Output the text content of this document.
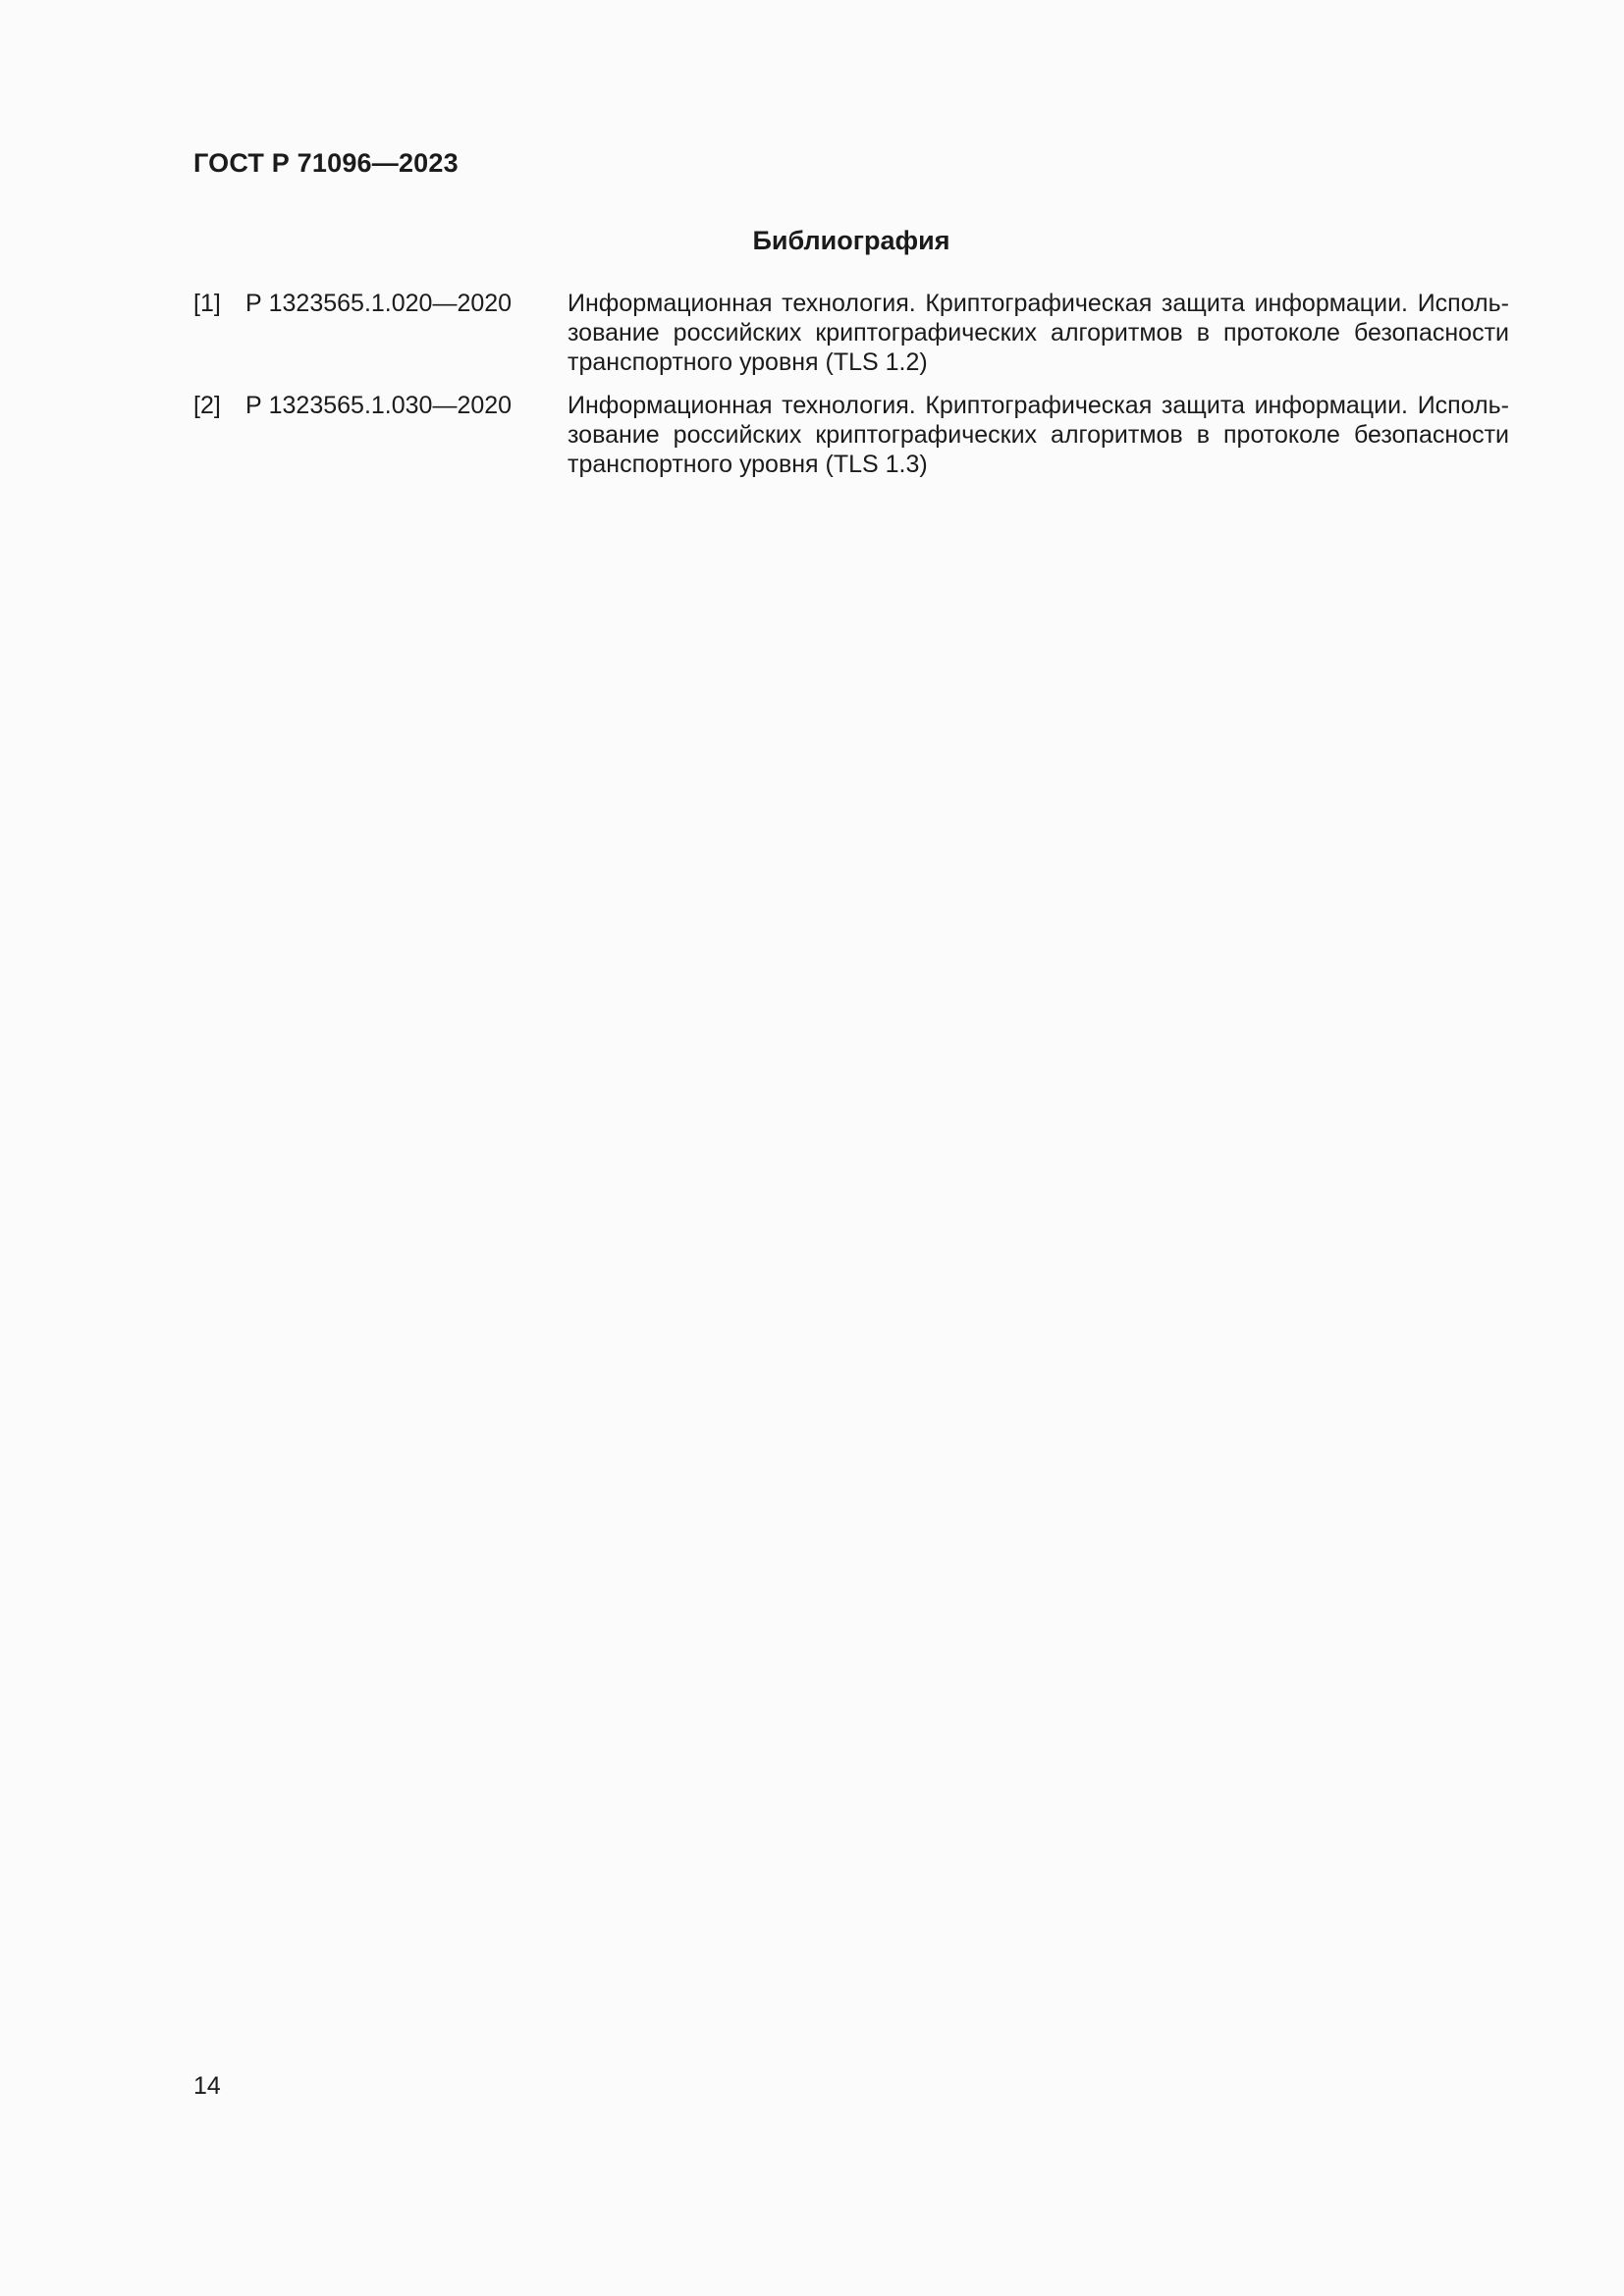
ГОСТ Р 71096—2023
Библиография
[1] Р 1323565.1.020—2020 Информационная технология. Криптографическая защита информации. Использование российских криптографических алгоритмов в протоколе безопасности транспортного уровня (TLS 1.2)
[2] Р 1323565.1.030—2020 Информационная технология. Криптографическая защита информации. Использование российских криптографических алгоритмов в протоколе безопасности транспортного уровня (TLS 1.3)
14
